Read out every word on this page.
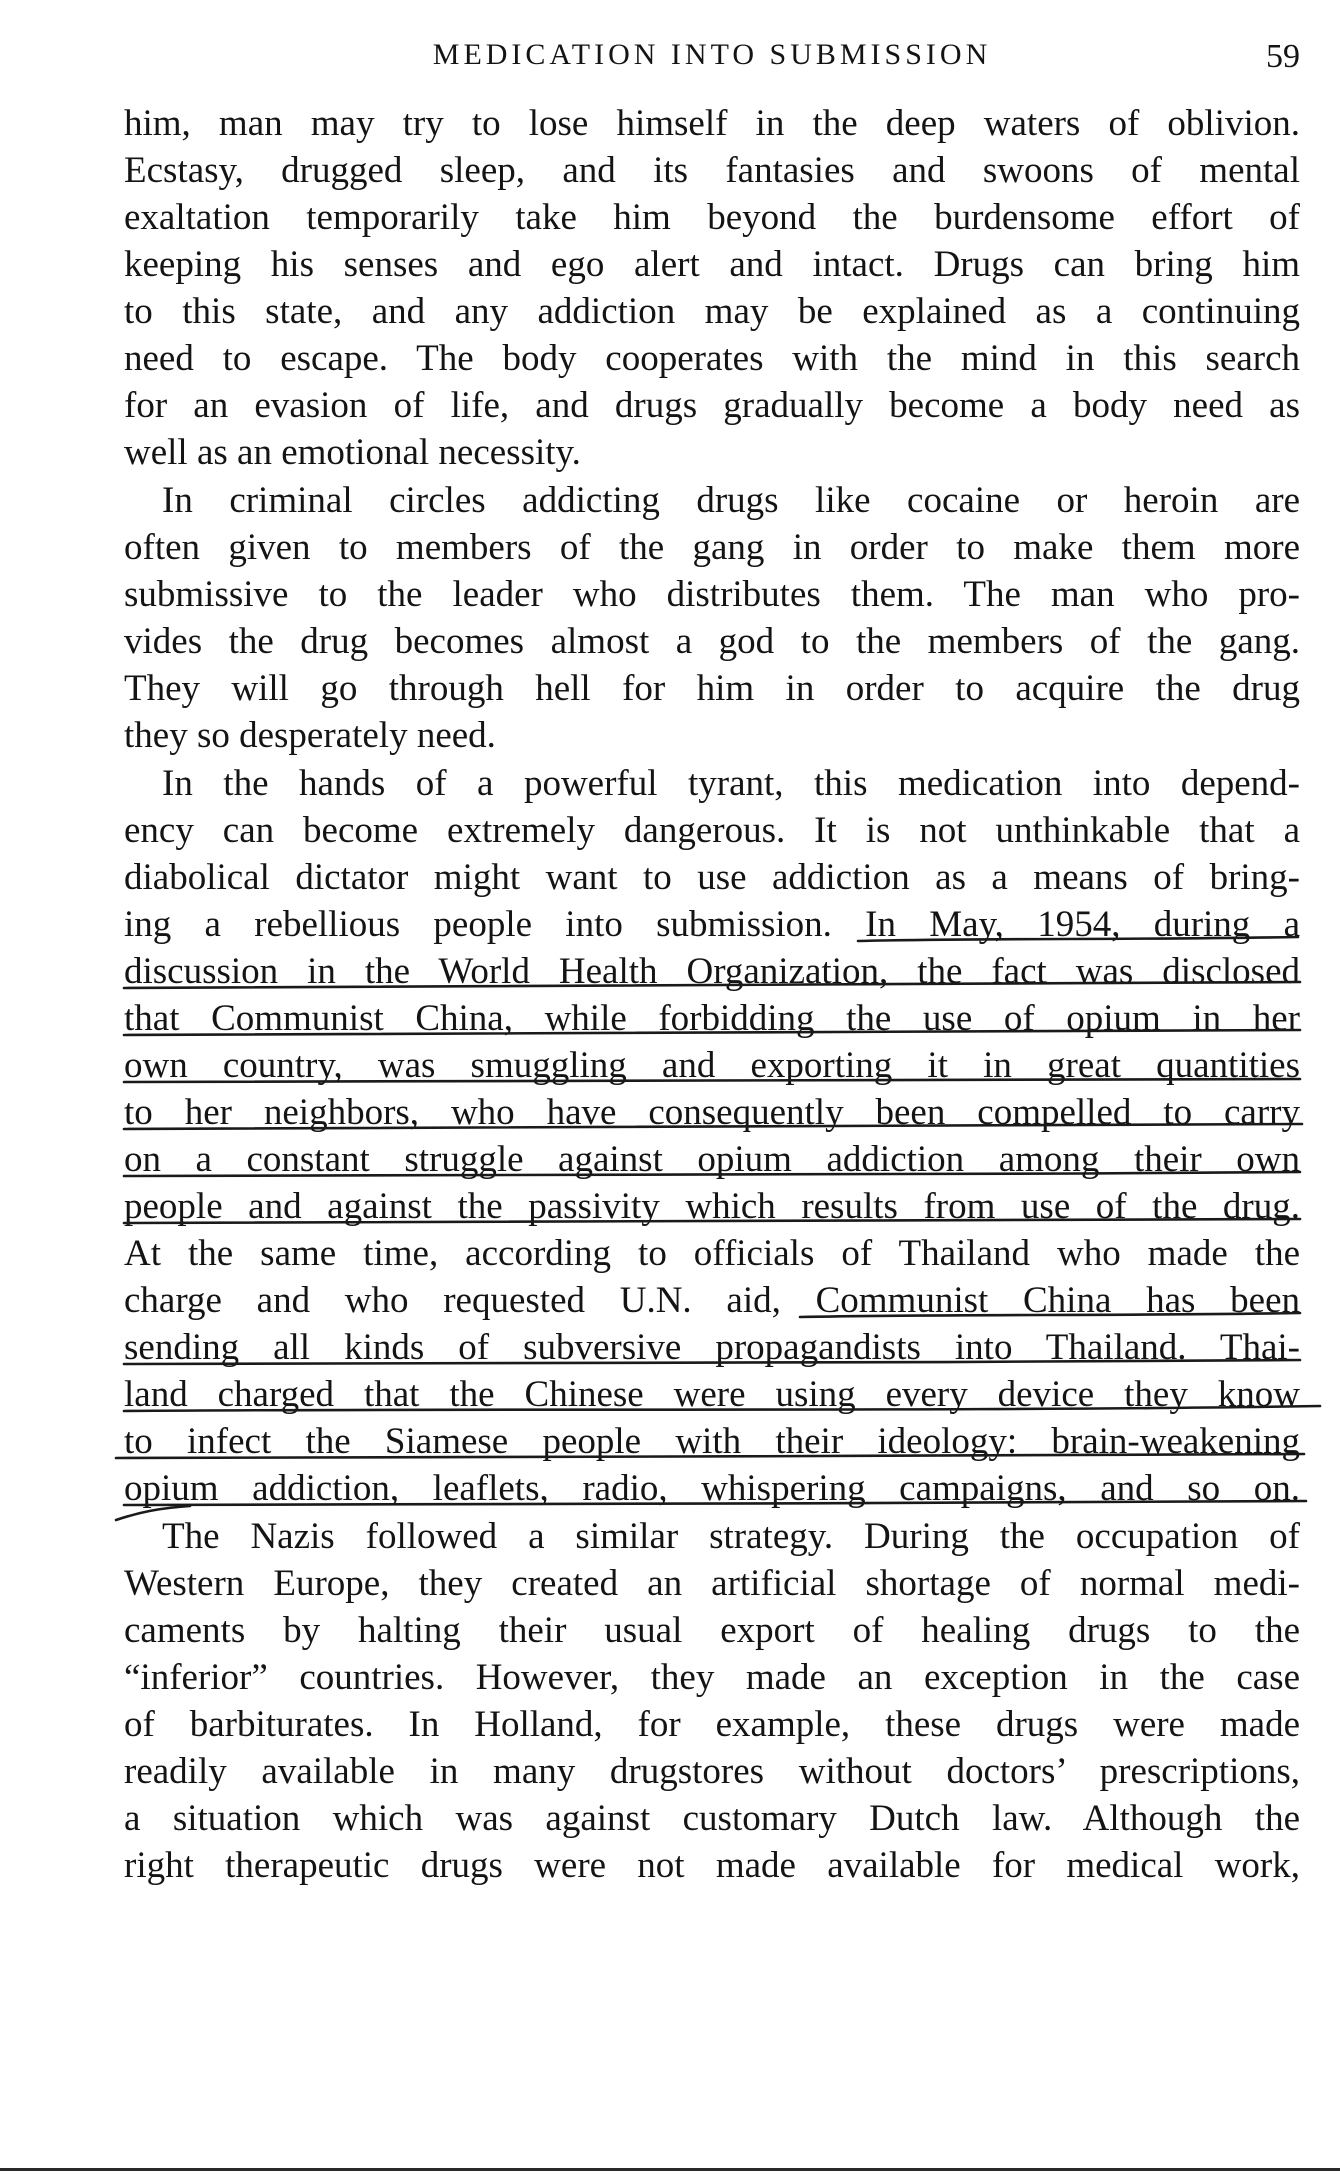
MEDICATION INTO SUBMISSION	59
him, man may try to lose himself in the deep waters of oblivion.
Ecstasy, drugged sleep, and its fantasies and swoons of mental
exaltation temporarily take him beyond the burdensome effort of
keeping his senses and ego alert and intact. Drugs can bring him
to this state, and any addiction may be explained as a continuing
need to escape. The body cooperates with the mind in this search
for an evasion of life, and drugs gradually become a body need as
well as an emotional necessity.
In criminal circles addicting drugs like cocaine or heroin are
often given to members of the gang in order to make them more
submissive to the leader who distributes them. The man who pro-
vides the drug becomes almost a god to the members of the gang.
They will go through hell for him in order to acquire the drug
they so desperately need.
In the hands of a powerful tyrant, this medication into depend-
ency can become extremely dangerous. It is not unthinkable that a
diabolical dictator might want to use addiction as a means of bring-
ing a rebellious people into submission. In May, 1954, during a
discussion in the World Health Organization, the fact was disclosed
that Communist China, while forbidding the use of opium in her
own country, was smuggling and exporting it in great quantities
to her neighbors, who have consequently been compelled to carry
on a constant struggle against opium addiction among their own
people and against the passivity which results from use of the drug.
At the same time, according to officials of Thailand who made the
charge and who requested U.N. aid, Communist China has been
sending all kinds of subversive propagandists into Thailand. Thai-
land charged that the Chinese were using every device they know
to infect the Siamese people with their ideology: brain-weakening
opium addiction, leaflets, radio, whispering campaigns, and so on.
The Nazis followed a similar strategy. During the occupation of
Western Europe, they created an artificial shortage of normal medi-
caments by halting their usual export of healing drugs to the
“inferior” countries. However, they made an exception in the case
of barbiturates. In Holland, for example, these drugs were made
readily available in many drugstores without doctors’ prescriptions,
a situation which was against customary Dutch law. Although the
right therapeutic drugs were not made available for medical work,
